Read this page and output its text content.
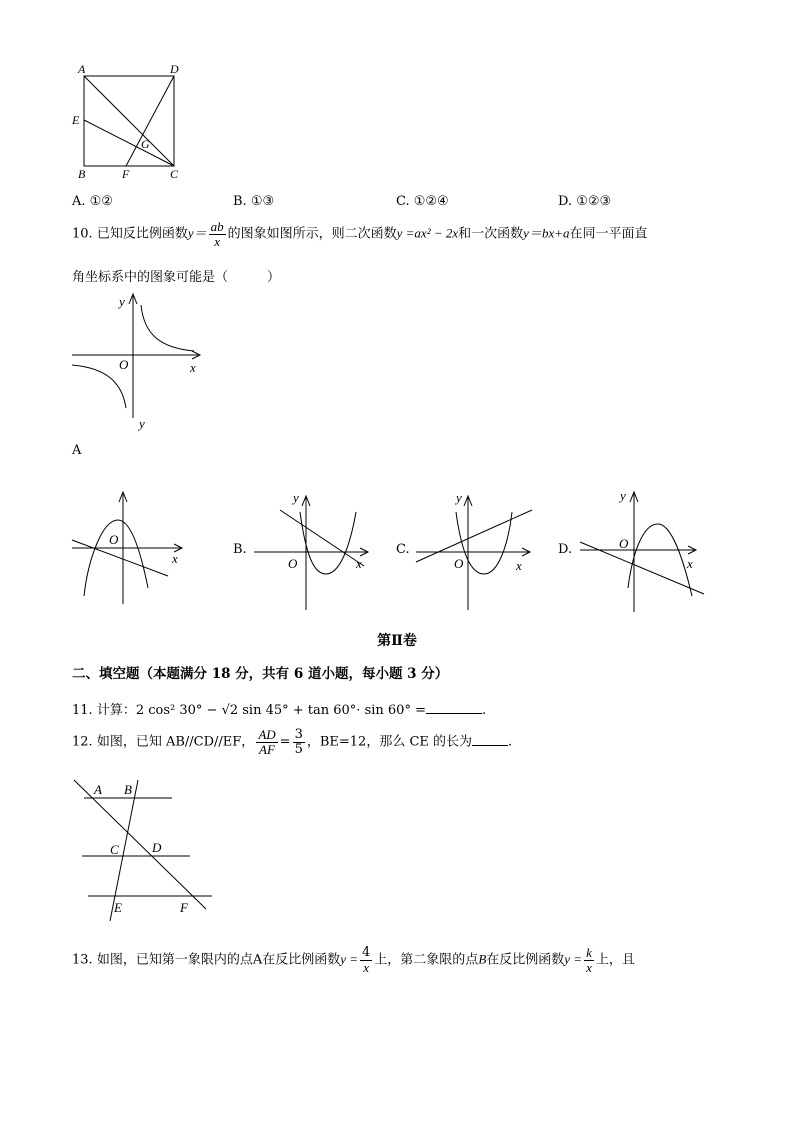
A	D
E
G
B	F	C
A. ①②	B. ①③	C. ①②④	D. ①②③
10. 已知反比例函数$y= \frac{ab}{x}$ 的图象如图所示，则二次函数y =ax² − 2x和一次函数y＝bx+a在同一平面直
角坐标系中的图象可能是（　　　）
y
O	x
y
A
O
x
B.
y
O	x
C.
y
O	x
D.
y
O
x
第Ⅱ卷
二、填空题（本题满分 18 分，共有 6 道小题，每小题 3 分）
11. 计算：2 cos² 30° − √2 sin 45° + tan 60°· sin 60° =	.
12. 如图，已知 AB//CD//EF， $\frac{AD}{AF} = \frac{3}{5}$ ，BE=12，那么 CE 的长为	.
A B
C	D
E	F
13. 如图，已知第一象限内的点A在反比例函数$y = \frac{4}{x}$ 上，第二象限的点B在反比例函数$y = \frac{k}{x}$ 上，且
